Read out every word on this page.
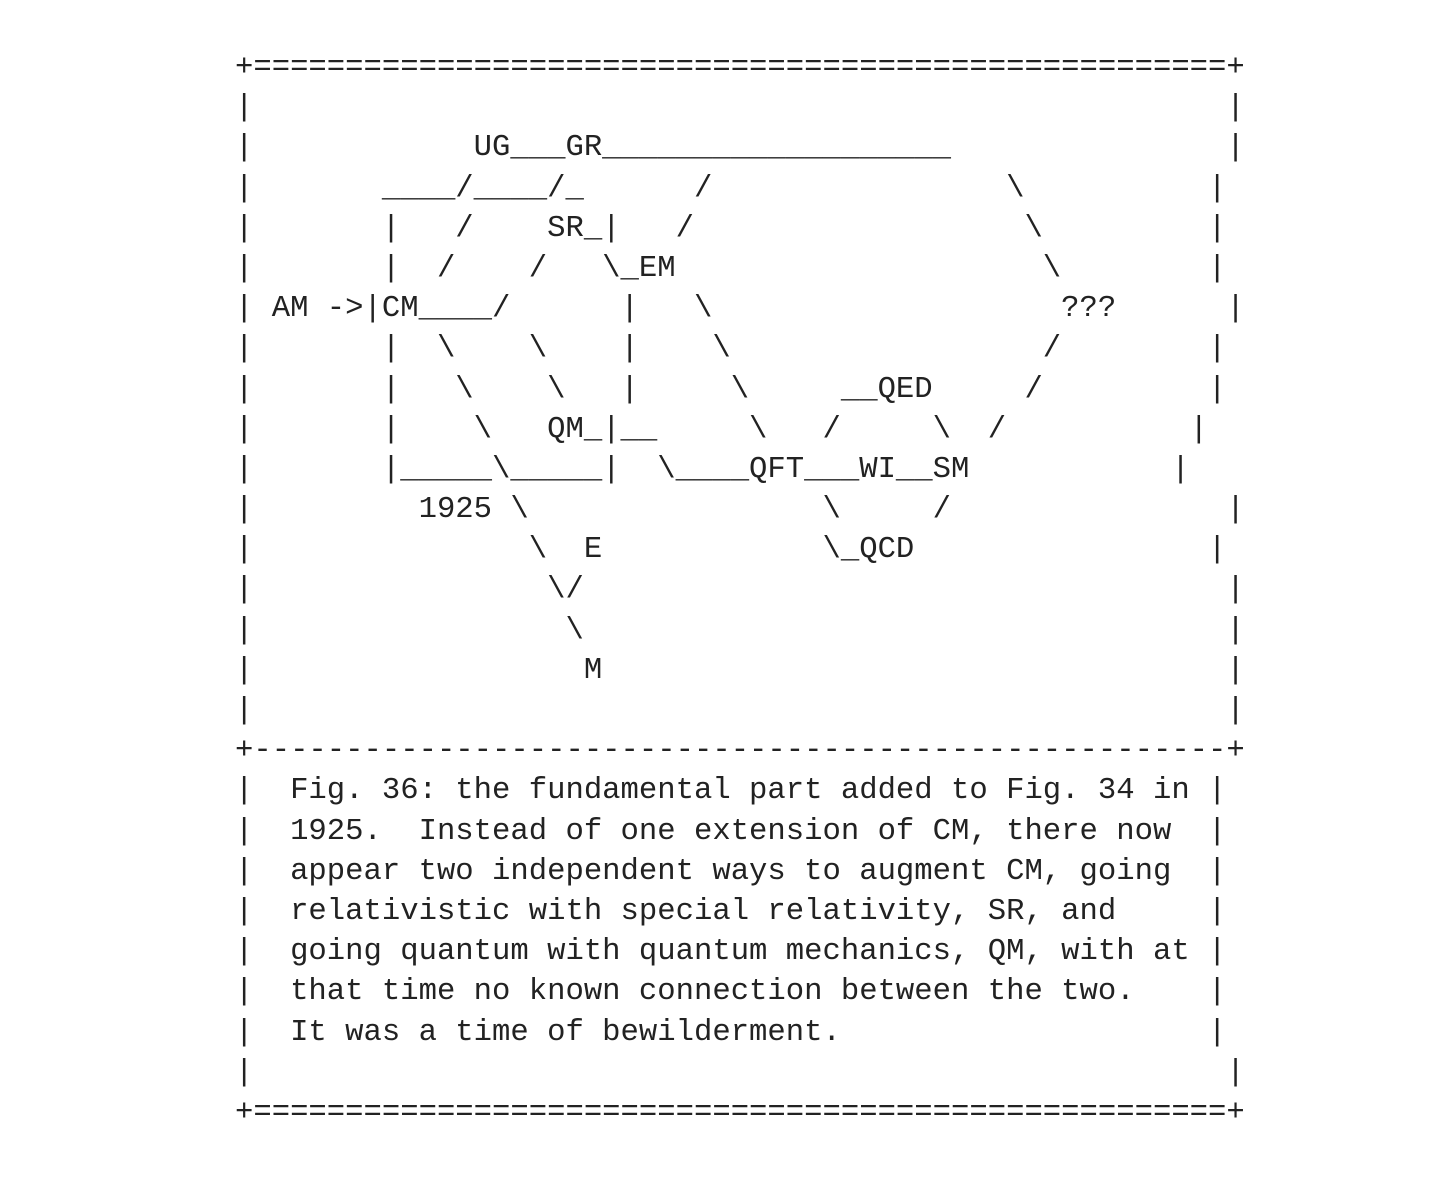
+=====================================================+
|                                                     |
|            UG___GR___________________               |
|       ____/____/_      /                \          |
|       |   /    SR_|   /                  \         |
|       |  /    /   \_EM                    \        |
| AM ->|CM____/      |   \                   ???      |
|       |  \    \    |    \                 /        |
|       |   \    \   |     \     __QED     /         |
|       |    \   QM_|__     \   /     \  /          |
|       |_____\_____|  \____QFT___WI__SM           |
|         1925 \                \     /               |
|               \  E            \_QCD                |
|                \/                                   |
|                 \                                   |
|                  M                                  |
|                                                     |
+-----------------------------------------------------+
|  Fig. 36: the fundamental part added to Fig. 34 in |
|  1925.  Instead of one extension of CM, there now  |
|  appear two independent ways to augment CM, going  |
|  relativistic with special relativity, SR, and     |
|  going quantum with quantum mechanics, QM, with at |
|  that time no known connection between the two.    |
|  It was a time of bewilderment.                    |
|                                                     |
+=====================================================+
